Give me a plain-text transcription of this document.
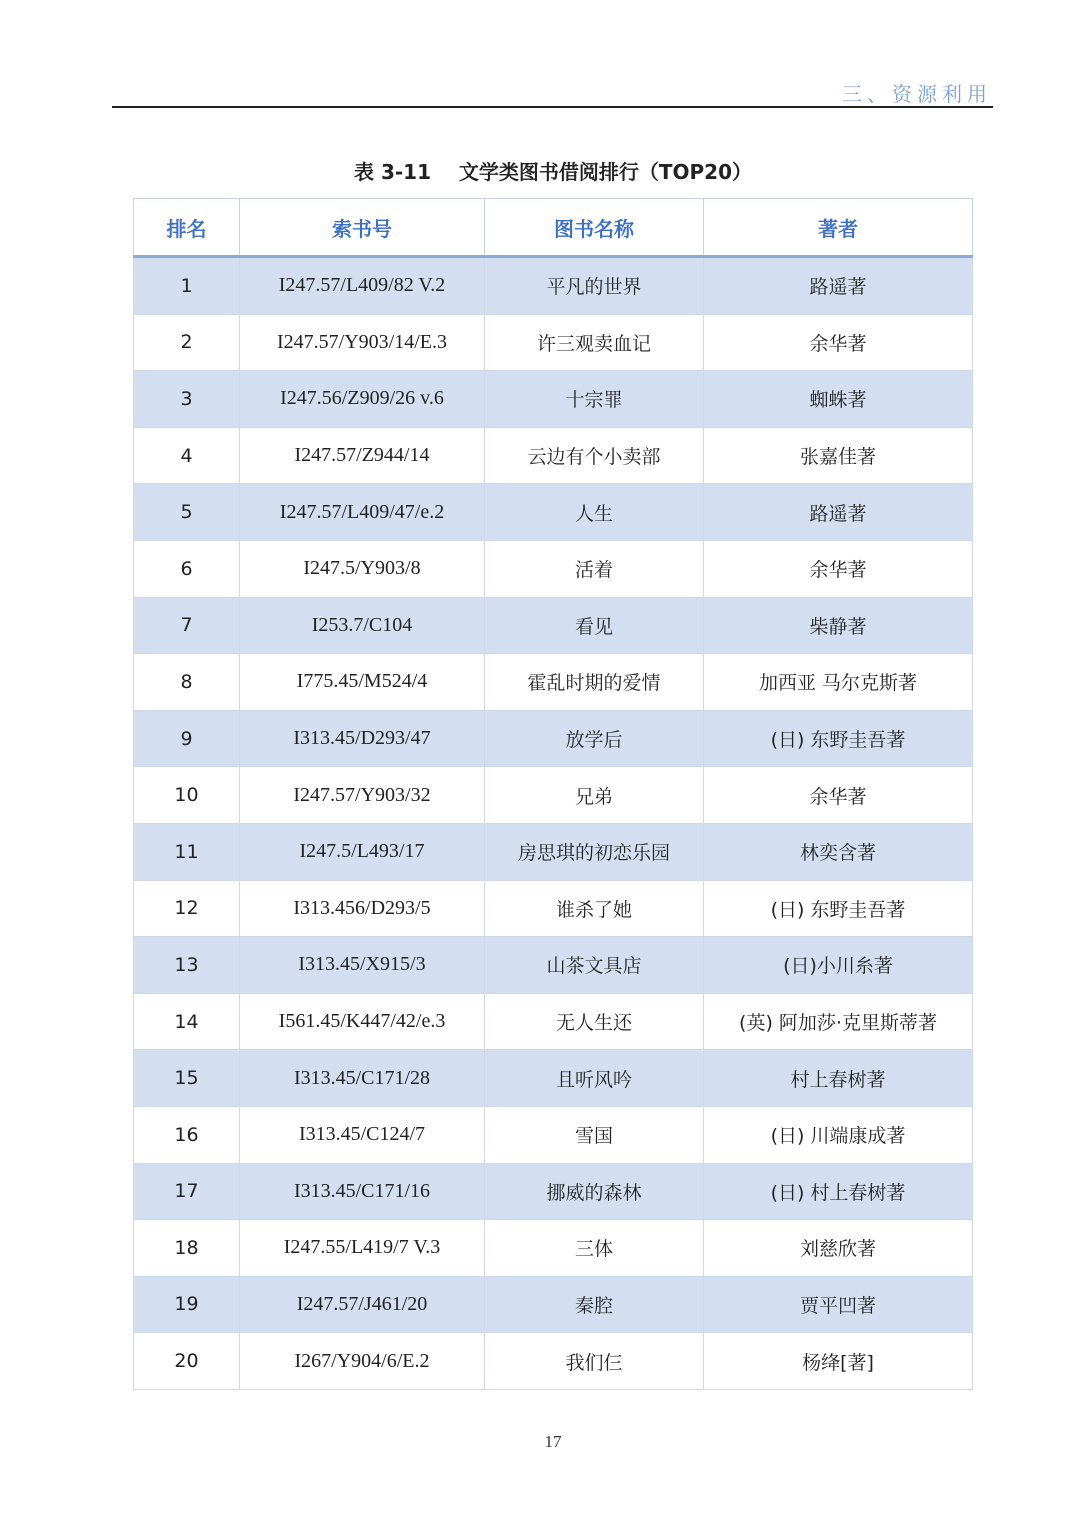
三、资源利用
表 3-11    文学类图书借阅排行（TOP20）
排名	索书号	图书名称	著者
1	I247.57/L409/82 V.2	平凡的世界	路遥著
2	I247.57/Y903/14/E.3	许三观卖血记	余华著
3	I247.56/Z909/26 v.6	十宗罪	蜘蛛著
4	I247.57/Z944/14	云边有个小卖部	张嘉佳著
5	I247.57/L409/47/e.2	人生	路遥著
6	I247.5/Y903/8	活着	余华著
7	I253.7/C104	看见	柴静著
8	I775.45/M524/4	霍乱时期的爱情	加西亚 马尔克斯著
9	I313.45/D293/47	放学后	(日) 东野圭吾著
10	I247.57/Y903/32	兄弟	余华著
11	I247.5/L493/17	房思琪的初恋乐园	林奕含著
12	I313.456/D293/5	谁杀了她	(日) 东野圭吾著
13	I313.45/X915/3	山茶文具店	(日)小川糸著
14	I561.45/K447/42/e.3	无人生还	(英) 阿加莎·克里斯蒂著
15	I313.45/C171/28	且听风吟	村上春树著
16	I313.45/C124/7	雪国	(日) 川端康成著
17	I313.45/C171/16	挪威的森林	(日) 村上春树著
18	I247.55/L419/7 V.3	三体	刘慈欣著
19	I247.57/J461/20	秦腔	贾平凹著
20	I267/Y904/6/E.2	我们仨	杨绛[著]
17
